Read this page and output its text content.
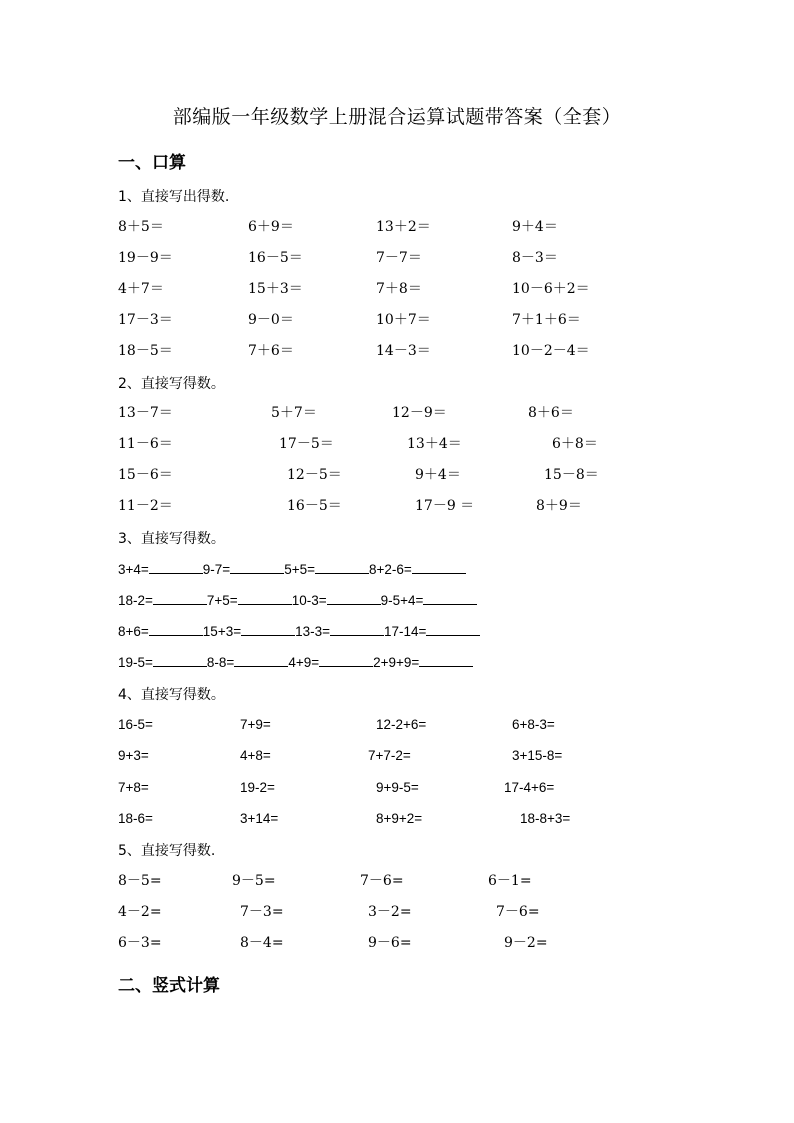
部编版一年级数学上册混合运算试题带答案（全套）
一、口算
1、直接写出得数.
8＋5＝	6＋9＝	13＋2＝	9＋4＝
19－9＝	16－5＝	7－7＝	8－3＝
4＋7＝	15＋3＝	7＋8＝	10－6＋2＝
17－3＝	9－0＝	10＋7＝	7＋1＋6＝
18－5＝	7＋6＝	14－3＝	10－2－4＝
2、直接写得数。
13－7＝	5＋7＝	12－9＝	8＋6＝
11－6＝	17－5＝	13＋4＝	6＋8＝
15－6＝	12－5＝	9＋4＝	15－8＝
11－2＝	16－5＝	17－9 ＝	8＋9＝
3、直接写得数。
3+4=	9-7=	5+5=	8+2-6=
18-2=	7+5=	10-3=	9-5+4=
8+6=	15+3=	13-3=	17-14=
19-5=	8-8=	4+9=	2+9+9=
4、直接写得数。
16-5=	7+9=	12-2+6=	6+8-3=
9+3=	4+8=	7+7-2=	3+15-8=
7+8=	19-2=	9+9-5=	17-4+6=
18-6=	3+14=	8+9+2=	18-8+3=
5、直接写得数.
8－5=	9－5=	7－6=	6－1=
4－2=	7－3=	3－2=	7－6=
6－3=	8－4=	9－6=	9－2=
二、竖式计算
